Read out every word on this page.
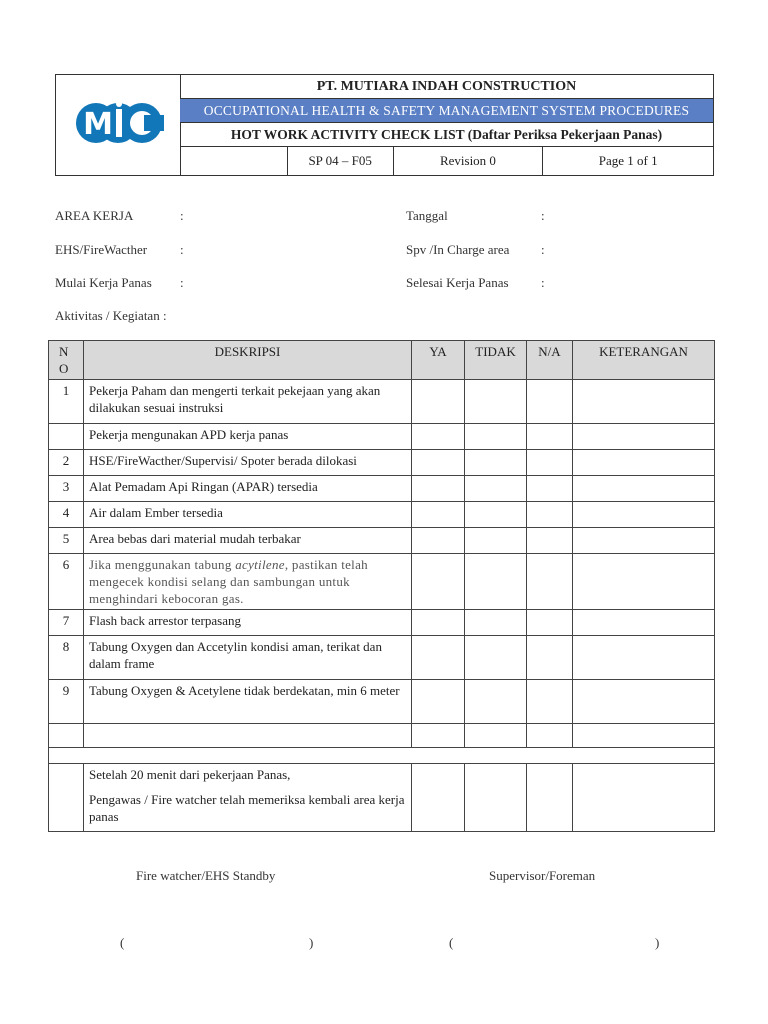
M
PT. MUTIARA INDAH CONSTRUCTION
OCCUPATIONAL HEALTH & SAFETY MANAGEMENT SYSTEM PROCEDURES
HOT WORK ACTIVITY CHECK LIST (Daftar Periksa Pekerjaan Panas)
SP 04 – F05	Revision 0	Page 1 of 1
AREA KERJA	:
EHS/FireWacther	:
Mulai Kerja Panas :
Aktivitas / Kegiatan :
Tanggal	:
Spv /In Charge area :
Selesai Kerja Panas :
N O	DESKRIPSI	YA	TIDAK	N/A	KETERANGAN
1	Pekerja Paham dan mengerti terkait pekejaan yang akan dilakukan sesuai instruksi				
	Pekerja mengunakan APD kerja panas				
2	HSE/FireWacther/Supervisi/ Spoter berada dilokasi				
3	Alat Pemadam Api Ringan (APAR) tersedia				
4	Air dalam Ember tersedia				
5	Area bebas dari material mudah terbakar				
6	Jika menggunakan tabung acytilene, pastikan telah mengecek kondisi selang dan sambungan untuk menghindari kebocoran gas.				
7	Flash back arrestor terpasang				
8	Tabung Oxygen dan Accetylin kondisi aman, terikat dan dalam frame				
9	Tabung Oxygen & Acetylene tidak berdekatan, min 6 meter				

	Setelah 20 menit dari pekerjaan Panas,
Pengawas / Fire watcher telah memeriksa kembali area kerja panas				

Fire watcher/EHS Standby	Supervisor/Foreman
(	)	(	)
